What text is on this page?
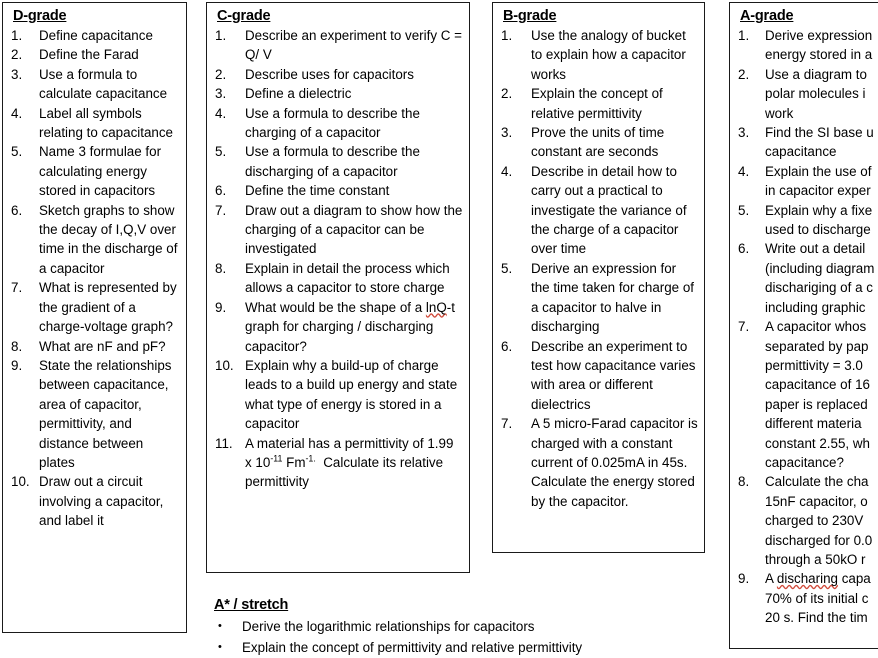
D-grade
1.	Define capacitance
2.	Define the Farad
3.	Use a formula to calculate capacitance
4.	Label all symbols relating to capacitance
5.	Name 3 formulae for calculating energy stored in capacitors
6.	Sketch graphs to show the decay of I,Q,V over time in the discharge of a capacitor
7.	What is represented by the gradient of a charge-voltage graph?
8.	What are nF and pF?
9.	State the relationships between capacitance, area of capacitor, permittivity, and distance between plates
10. Draw out a circuit involving a capacitor, and label it
C-grade
1.	Describe an experiment to verify C = Q/ V
2.	Describe uses for capacitors
3.	Define a dielectric
4.	Use a formula to describe the charging of a capacitor
5.	Use a formula to describe the discharging of a capacitor
6.	Define the time constant
7.	Draw out a diagram to show how the charging of a capacitor can be investigated
8.	Explain in detail the process which allows a capacitor to store charge
9.	What would be the shape of a lnQ-t graph for charging / discharging capacitor?
10. Explain why a build-up of charge leads to a build up energy and state what type of energy is stored in a capacitor
11. A material has a permittivity of 1.99 x $10^{-11}$ $Fm^{-1.}$  Calculate its relative permittivity
B-grade
1.	Use the analogy of bucket to explain how a capacitor works
2.	Explain the concept of relative permittivity
3.	Prove the units of time constant are seconds
4.	Describe in detail how to carry out a practical to investigate the variance of the charge of a capacitor over time
5.	Derive an expression for the time taken for charge of a capacitor to halve in discharging
6.	Describe an experiment to test how capacitance varies with area or different dielectrics
7.	A 5 micro-Farad capacitor is charged with a constant current of 0.025mA in 45s. Calculate the energy stored by the capacitor.
A-grade
1.	Derive expression energy stored in a
2.	Use a diagram to polar molecules i work
3.	Find the SI base u capacitance
4.	Explain the use of in capacitor exper
5.	Explain why a fixe used to discharge
6.	Write out a detail (including diagram dischariging of a c including graphic
7.	A capacitor whos separated by pap permittivity = 3.0 capacitance of 16 paper is replaced different materia constant 2.55, wh capacitance?
8.	Calculate the cha 15nF capacitor, o charged to 230V discharged for 0.0 through a 50kO r
9.	A discharing capa 70% of its initial c 20 s. Find the tim
A* / stretch
• Derive the logarithmic relationships for capacitors
• Explain the concept of permittivity and relative permittivity
